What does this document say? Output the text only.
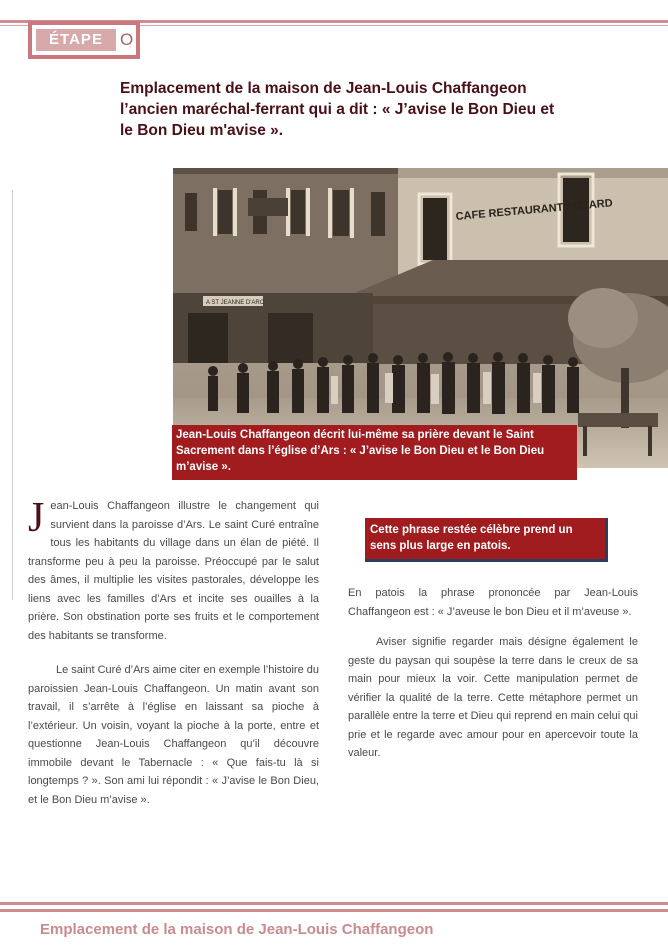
ÉTAPE	O
Emplacement de la maison de Jean-Louis Chaffangeon l’ancien maréchal-ferrant qui a dit : « J’avise le Bon Dieu et le Bon Dieu m'avise ».
CAFE RESTAURANT POZARD
A ST JEANNE D'ARC
Jean-Louis Chaffangeon décrit lui-même sa prière devant le Saint Sacrement dans l’église d’Ars : « J’avise le Bon Dieu et le Bon Dieu m’avise ».

Jean-Louis Chaffangeon illustre le changement qui survient dans la paroisse d’Ars. Le saint Curé entraîne tous les habitants du village dans un élan de piété. Il transforme peu à peu la paroisse. Préoccupé par le salut des âmes, il multiplie les visites pastorales, développe les liens avec les familles d’Ars et incite ses ouailles à la prière. Son obstination porte ses fruits et le comportement des habitants se transforme.

Le saint Curé d’Ars aime citer en exemple l’histoire du paroissien Jean-Louis Chaffangeon. Un matin avant son travail, il s’arrête à l’église en laissant sa pioche à l’extérieur. Un voisin, voyant la pioche à la porte, entre et questionne Jean-Louis Chaffangeon qu’il découvre immobile devant le Tabernacle : « Que fais-tu là si longtemps ? ». Son ami lui répondit : « J’avise le Bon Dieu, et le Bon Dieu m’avise ».

Cette phrase restée célèbre prend un sens plus large en patois.

En patois la phrase prononcée par Jean-Louis Chaffangeon est : « J’aveuse le bon Dieu et il m’aveuse ».

Aviser signifie regarder mais désigne également le geste du paysan qui soupèse la terre dans le creux de sa main pour mieux la voir. Cette manipulation permet de vérifier la qualité de la terre. Cette métaphore permet un parallèle entre la terre et Dieu qui reprend en main celui qui prie et le regarde avec amour pour en apercevoir toute la valeur.

Emplacement de la maison de Jean-Louis Chaffangeon
